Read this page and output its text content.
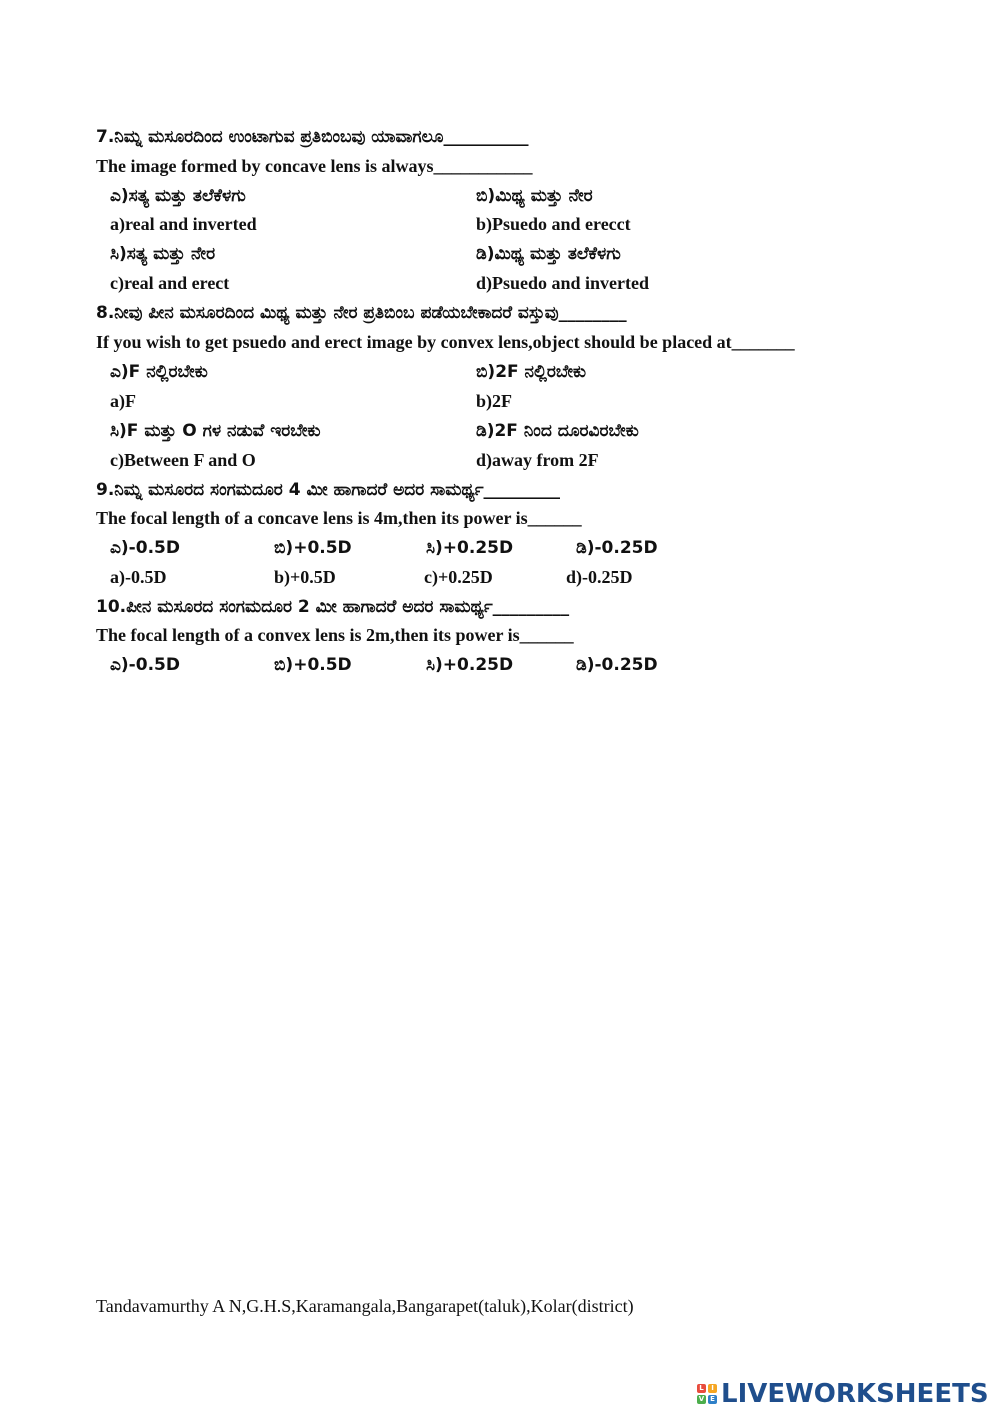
7.ನಿಮ್ನ ಮಸೂರದಿಂದ ಉಂಟಾಗುವ ಪ್ರತಿಬಿಂಬವು ಯಾವಾಗಲೂ__________
The image formed by concave lens is always___________
ಎ)ಸತ್ಯ ಮತ್ತು ತಲೆಕೆಳಗು	ಬಿ)ಮಿಥ್ಯ ಮತ್ತು ನೇರ
a)real and inverted	b)Psuedo and erecct
ಸಿ)ಸತ್ಯ ಮತ್ತು ನೇರ	ಡಿ)ಮಿಥ್ಯ ಮತ್ತು ತಲೆಕೆಳಗು
c)real and erect	d)Psuedo and inverted
8.ನೀವು ಪೀನ ಮಸೂರದಿಂದ ಮಿಥ್ಯ ಮತ್ತು ನೇರ ಪ್ರತಿಬಿಂಬ ಪಡೆಯಬೇಕಾದರೆ ವಸ್ತುವು________
If you wish to get psuedo and erect image by convex lens,object should be placed at_______
ಎ)F ನಲ್ಲಿರಬೇಕು	ಬಿ)2F ನಲ್ಲಿರಬೇಕು
a)F	b)2F
ಸಿ)F ಮತ್ತು O ಗಳ ನಡುವೆ ಇರಬೇಕು	ಡಿ)2F ನಿಂದ ದೂರವಿರಬೇಕು
c)Between F and O	d)away from 2F
9.ನಿಮ್ನ ಮಸೂರದ ಸಂಗಮದೂರ 4 ಮೀ ಹಾಗಾದರೆ ಅದರ ಸಾಮರ್ಥ್ಯ_________
The focal length of a concave lens is 4m,then its power is______
ಎ)-0.5D	ಬಿ)+0.5D	ಸಿ)+0.25D	ಡಿ)-0.25D
a)-0.5D	b)+0.5D	c)+0.25D	d)-0.25D
10.ಪೀನ ಮಸೂರದ ಸಂಗಮದೂರ 2 ಮೀ ಹಾಗಾದರೆ ಅದರ ಸಾಮರ್ಥ್ಯ_________
The focal length of a convex lens is 2m,then its power is______
ಎ)-0.5D	ಬಿ)+0.5D	ಸಿ)+0.25D	ಡಿ)-0.25D
Tandavamurthy A N,G.H.S,Karamangala,Bangarapet(taluk),Kolar(district)
L	I
V E LIVEWORKSHEETS
